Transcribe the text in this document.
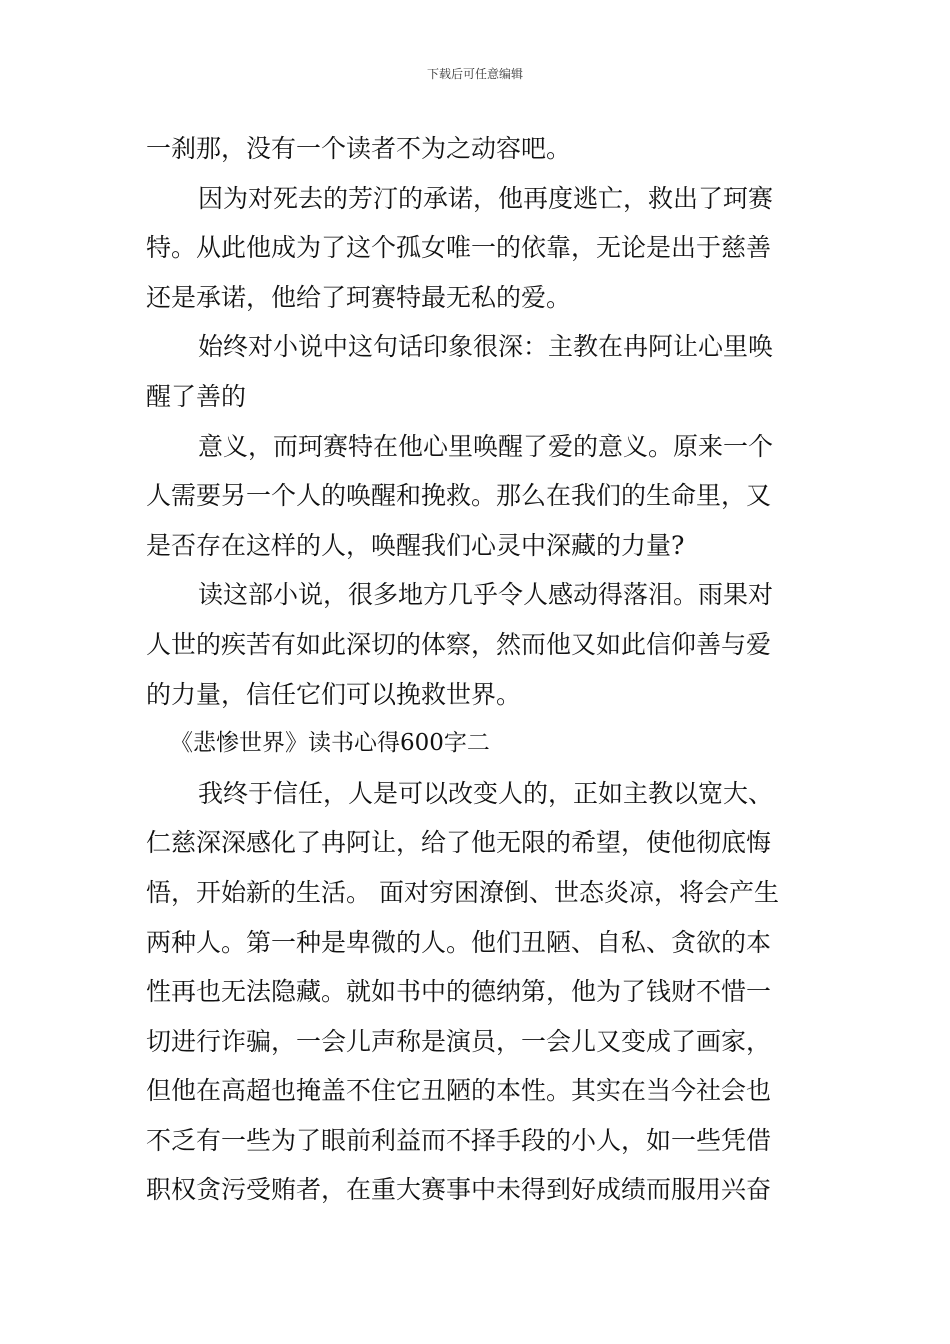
下载后可任意编辑
一刹那，没有一个读者不为之动容吧。
因为对死去的芳汀的承诺，他再度逃亡，救出了珂赛
特。从此他成为了这个孤女唯一的依靠，无论是出于慈善
还是承诺，他给了珂赛特最无私的爱。
始终对小说中这句话印象很深：主教在冉阿让心里唤
醒了善的
意义，而珂赛特在他心里唤醒了爱的意义。原来一个
人需要另一个人的唤醒和挽救。那么在我们的生命里，又
是否存在这样的人，唤醒我们心灵中深藏的力量?
读这部小说，很多地方几乎令人感动得落泪。雨果对
人世的疾苦有如此深切的体察，然而他又如此信仰善与爱
的力量，信任它们可以挽救世界。
《悲惨世界》读书心得600字二
我终于信任，人是可以改变人的，正如主教以宽大、
仁慈深深感化了冉阿让，给了他无限的希望，使他彻底悔
悟，开始新的生活。 面对穷困潦倒、世态炎凉，将会产生
两种人。第一种是卑微的人。他们丑陋、自私、贪欲的本
性再也无法隐藏。就如书中的德纳第，他为了钱财不惜一
切进行诈骗，一会儿声称是演员，一会儿又变成了画家，
但他在高超也掩盖不住它丑陋的本性。其实在当今社会也
不乏有一些为了眼前利益而不择手段的小人，如一些凭借
职权贪污受贿者，在重大赛事中未得到好成绩而服用兴奋
